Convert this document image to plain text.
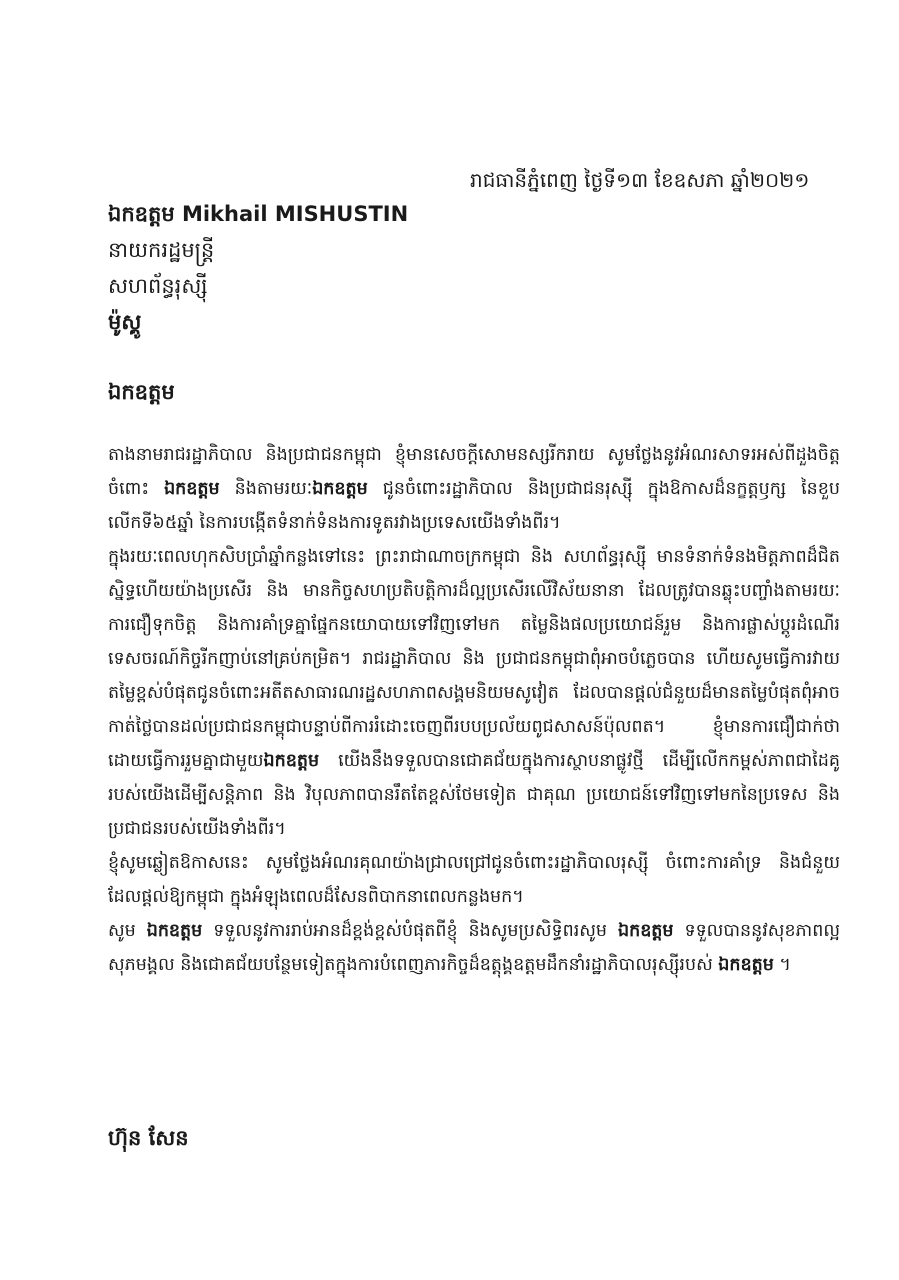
រាជធានីភ្នំពេញ ថ្ងៃទី១៣ ខែឧសភា ឆ្នាំ២០២១
ឯកឧត្តម Mikhail MISHUSTIN
នាយករដ្ឋមន្ត្រី
សហព័ន្ធរុស្ស៊ី
ម៉ូស្គូ
ឯកឧត្តម

តាងនាមរាជរដ្ឋាភិបាល និងប្រជាជនកម្ពុជា ខ្ញុំមានសេចក្តីសោមនស្សរីករាយ សូមថ្លែងនូវអំណរសាទរអស់ពីដួងចិត្ត ចំពោះ ឯកឧត្តម និងតាមរយៈឯកឧត្តម ជូនចំពោះរដ្ឋាភិបាល និងប្រជាជនរុស្ស៊ី ក្នុងឱកាសដ៏នក្ខត្តឫក្ស នៃខួបលើកទី៦៥ឆ្នាំ នៃការបង្កើតទំនាក់ទំនងការទូតរវាងប្រទេសយើងទាំងពីរ។

ក្នុងរយៈពេលហុកសិបប្រាំឆ្នាំកន្លងទៅនេះ ព្រះរាជាណាចក្រកម្ពុជា និង សហព័ន្ធរុស្ស៊ី មានទំនាក់ទំនងមិត្តភាពដ៏ជិតស្និទ្ធហើយយ៉ាងប្រសើរ និង មានកិច្ចសហប្រតិបត្តិការដ៏ល្អប្រសើរលើវិស័យនានា ដែលត្រូវបានឆ្លុះបញ្ចាំងតាមរយៈការជឿទុកចិត្ត និងការគាំទ្រគ្នាផ្នែកនយោបាយទៅវិញទៅមក តម្លៃនិងផលប្រយោជន៍រួម និងការផ្លាស់ប្តូរដំណើរទេសចរណ៍កិច្ចរីកញាប់នៅគ្រប់កម្រិត។ រាជរដ្ឋាភិបាល និង ប្រជាជនកម្ពុជាពុំអាចបំភ្លេចបាន ហើយសូមធ្វើការវាយតម្លៃខ្ពស់បំផុតជូនចំពោះអតីតសាធារណរដ្ឋសហភាពសង្គមនិយមសូវៀត ដែលបានផ្តល់ជំនួយដ៏មានតម្លៃបំផុតពុំអាចកាត់ថ្លៃបានដល់ប្រជាជនកម្ពុជាបន្ទាប់ពីការរំដោះចេញពីរបបប្រល័យពូជសាសន៍ប៉ុលពត។ ខ្ញុំមានការជឿជាក់ថា ដោយធ្វើការរួមគ្នាជាមួយឯកឧត្តម យើងនឹងទទួលបានជោគជ័យក្នុងការស្ថាបនាផ្លូវថ្មី ដើម្បីលើកកម្ពស់ភាពជាដៃគូរបស់យើងដើម្បីសន្តិភាព និង វិបុលភាពបានរឹតតែខ្ពស់ថែមទៀត ជាគុណ ប្រយោជន៍ទៅវិញទៅមកនៃប្រទេស និងប្រជាជនរបស់យើងទាំងពីរ។

ខ្ញុំសូមឆ្លៀតឱកាសនេះ សូមថ្លែងអំណរគុណយ៉ាងជ្រាលជ្រៅជូនចំពោះរដ្ឋាភិបាលរុស្ស៊ី ចំពោះការគាំទ្រ និងជំនួយ ដែលផ្តល់ឱ្យកម្ពុជា ក្នុងអំឡុងពេលដ៏សែនពិបាកនាពេលកន្លងមក។

សូម ឯកឧត្តម ទទួលនូវការរាប់អានដ៏ខ្ពង់ខ្ពស់បំផុតពីខ្ញុំ និងសូមប្រសិទ្ធិពរសូម ឯកឧត្តម ទទួលបាននូវសុខភាពល្អ សុភមង្គល និងជោគជ័យបន្ថែមទៀតក្នុងការបំពេញភារកិច្ចដ៏ឧត្តុង្គឧត្តមដឹកនាំរដ្ឋាភិបាលរុស្ស៊ីរបស់ ឯកឧត្តម ។

ហ៊ុន សែន
